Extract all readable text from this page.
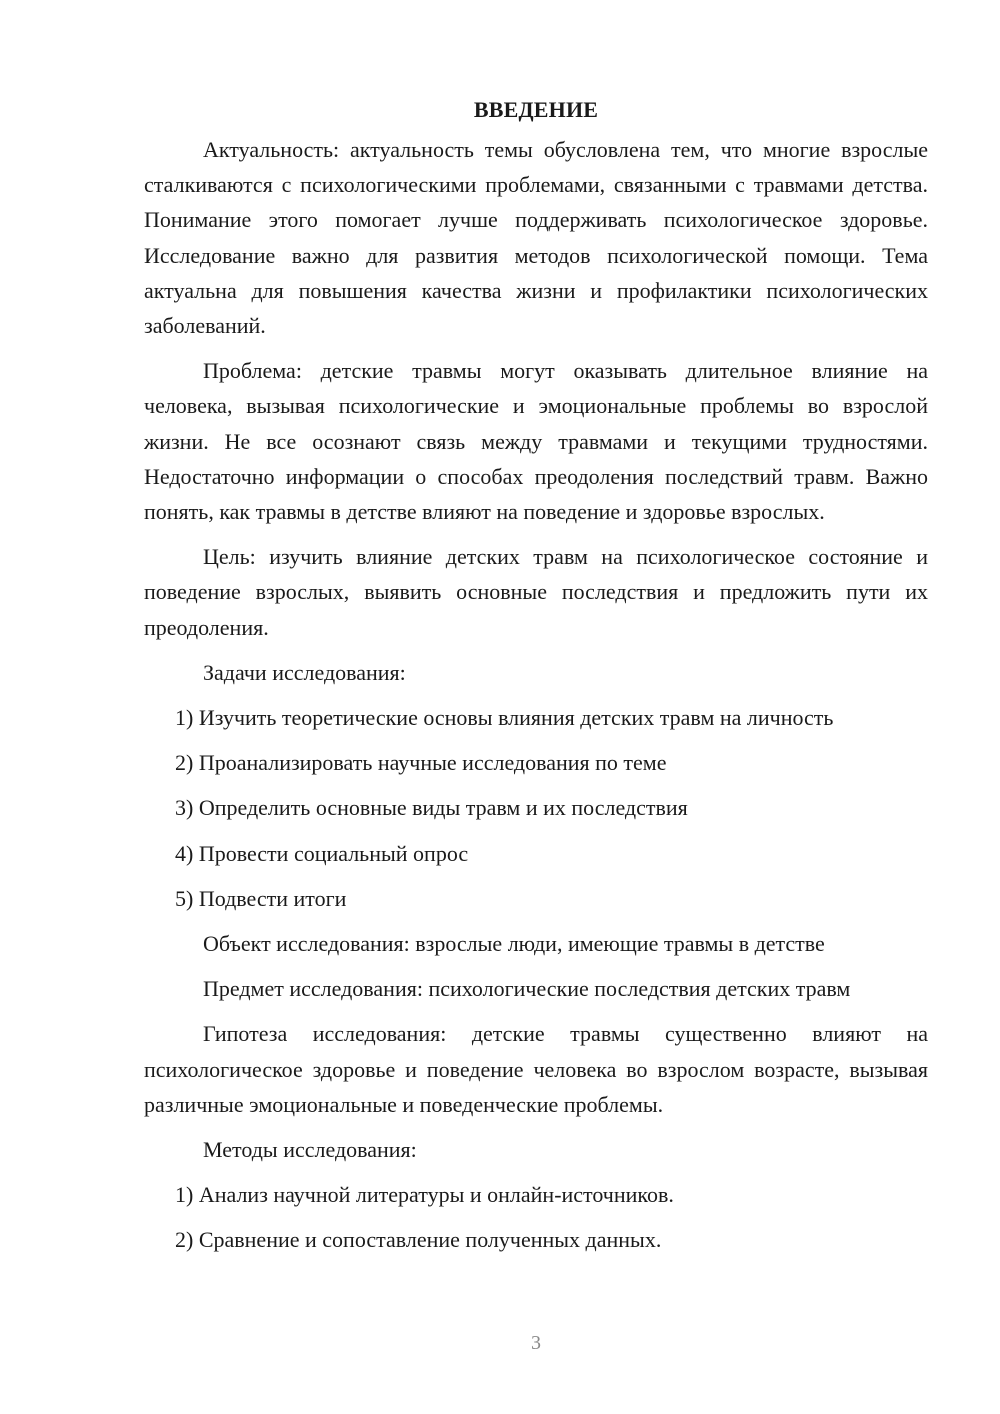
ВВЕДЕНИЕ

Актуальность: актуальность темы обусловлена тем, что многие взрослые сталкиваются с психологическими проблемами, связанными с травмами детства. Понимание этого помогает лучше поддерживать психологическое здоровье. Исследование важно для развития методов психологической помощи. Тема актуальна для повышения качества жизни и профилактики психологических заболеваний.

Проблема: детские травмы могут оказывать длительное влияние на человека, вызывая психологические и эмоциональные проблемы во взрослой жизни. Не все осознают связь между травмами и текущими трудностями. Недостаточно информации о способах преодоления последствий травм. Важно понять, как травмы в детстве влияют на поведение и здоровье взрослых.

Цель: изучить влияние детских травм на психологическое состояние и поведение взрослых, выявить основные последствия и предложить пути их преодоления.

Задачи исследования:
1) Изучить теоретические основы влияния детских травм на личность
2) Проанализировать научные исследования по теме
3) Определить основные виды травм и их последствия
4) Провести социальный опрос
5) Подвести итоги
Объект исследования: взрослые люди, имеющие травмы в детстве
Предмет исследования: психологические последствия детских травм

Гипотеза исследования: детские травмы существенно влияют на психологическое здоровье и поведение человека во взрослом возрасте, вызывая различные эмоциональные и поведенческие проблемы.

Методы исследования:
1) Анализ научной литературы и онлайн-источников.
2) Сравнение и сопоставление полученных данных.
3
